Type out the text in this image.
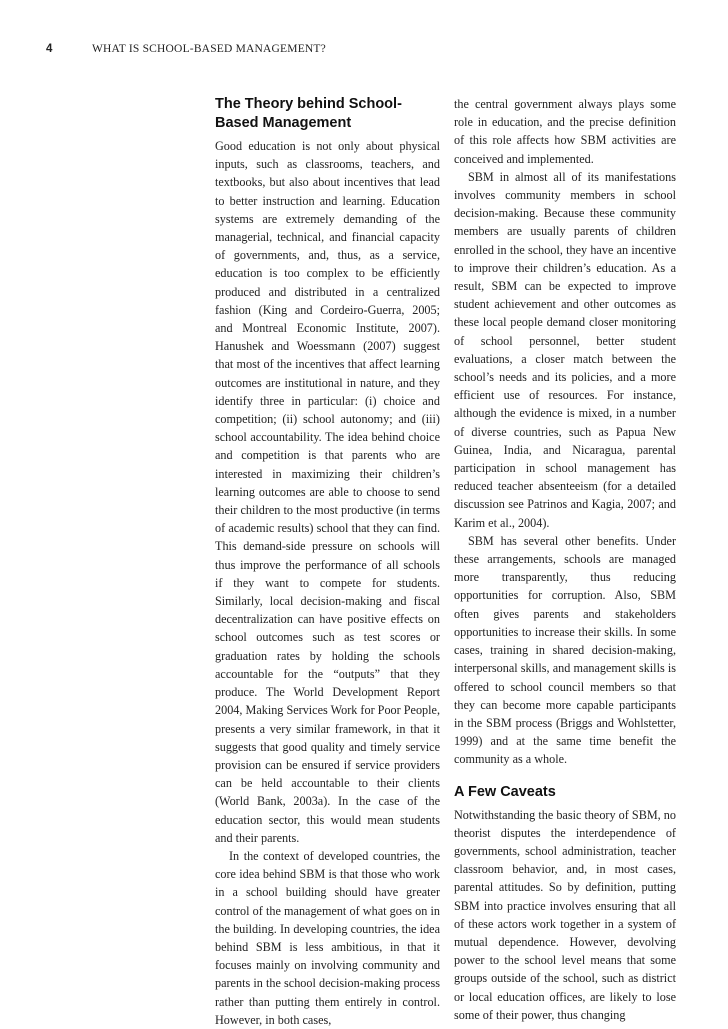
4	WHAT IS SCHOOL-BASED MANAGEMENT?
The Theory behind School-Based Management

Good education is not only about physical inputs, such as classrooms, teachers, and textbooks, but also about incentives that lead to better instruction and learning. Education systems are extremely demanding of the managerial, technical, and financial capacity of governments, and, thus, as a service, education is too complex to be efficiently produced and distributed in a centralized fashion (King and Cordeiro-Guerra, 2005; and Montreal Economic Institute, 2007). Hanushek and Woessmann (2007) suggest that most of the incentives that affect learning outcomes are institutional in nature, and they identify three in particular: (i) choice and competition; (ii) school autonomy; and (iii) school accountability. The idea behind choice and competition is that parents who are interested in maximizing their children’s learning outcomes are able to choose to send their children to the most productive (in terms of academic results) school that they can find. This demand-side pressure on schools will thus improve the performance of all schools if they want to compete for students. Similarly, local decision-making and fiscal decentralization can have positive effects on school outcomes such as test scores or graduation rates by holding the schools accountable for the “outputs” that they produce. The World Development Report 2004, Making Services Work for Poor People, presents a very similar framework, in that it suggests that good quality and timely service provision can be ensured if service providers can be held accountable to their clients (World Bank, 2003a). In the case of the education sector, this would mean students and their parents.

In the context of developed countries, the core idea behind SBM is that those who work in a school building should have greater control of the management of what goes on in the building. In developing countries, the idea behind SBM is less ambitious, in that it focuses mainly on involving community and parents in the school decision-making process rather than putting them entirely in control. However, in both cases,

the central government always plays some role in education, and the precise definition of this role affects how SBM activities are conceived and implemented.

SBM in almost all of its manifestations involves community members in school decision-making. Because these community members are usually parents of children enrolled in the school, they have an incentive to improve their children’s education. As a result, SBM can be expected to improve student achievement and other outcomes as these local people demand closer monitoring of school personnel, better student evaluations, a closer match between the school’s needs and its policies, and a more efficient use of resources. For instance, although the evidence is mixed, in a number of diverse countries, such as Papua New Guinea, India, and Nicaragua, parental participation in school management has reduced teacher absenteeism (for a detailed discussion see Patrinos and Kagia, 2007; and Karim et al., 2004).

SBM has several other benefits. Under these arrangements, schools are managed more transparently, thus reducing opportunities for corruption. Also, SBM often gives parents and stakeholders opportunities to increase their skills. In some cases, training in shared decision-making, interpersonal skills, and management skills is offered to school council members so that they can become more capable participants in the SBM process (Briggs and Wohlstetter, 1999) and at the same time benefit the community as a whole.

A Few Caveats

Notwithstanding the basic theory of SBM, no theorist disputes the interdependence of governments, school administration, teacher classroom behavior, and, in most cases, parental attitudes. So by definition, putting SBM into practice involves ensuring that all of these actors work together in a system of mutual dependence. However, devolving power to the school level means that some groups outside of the school, such as district or local education offices, are likely to lose some of their power, thus changing
